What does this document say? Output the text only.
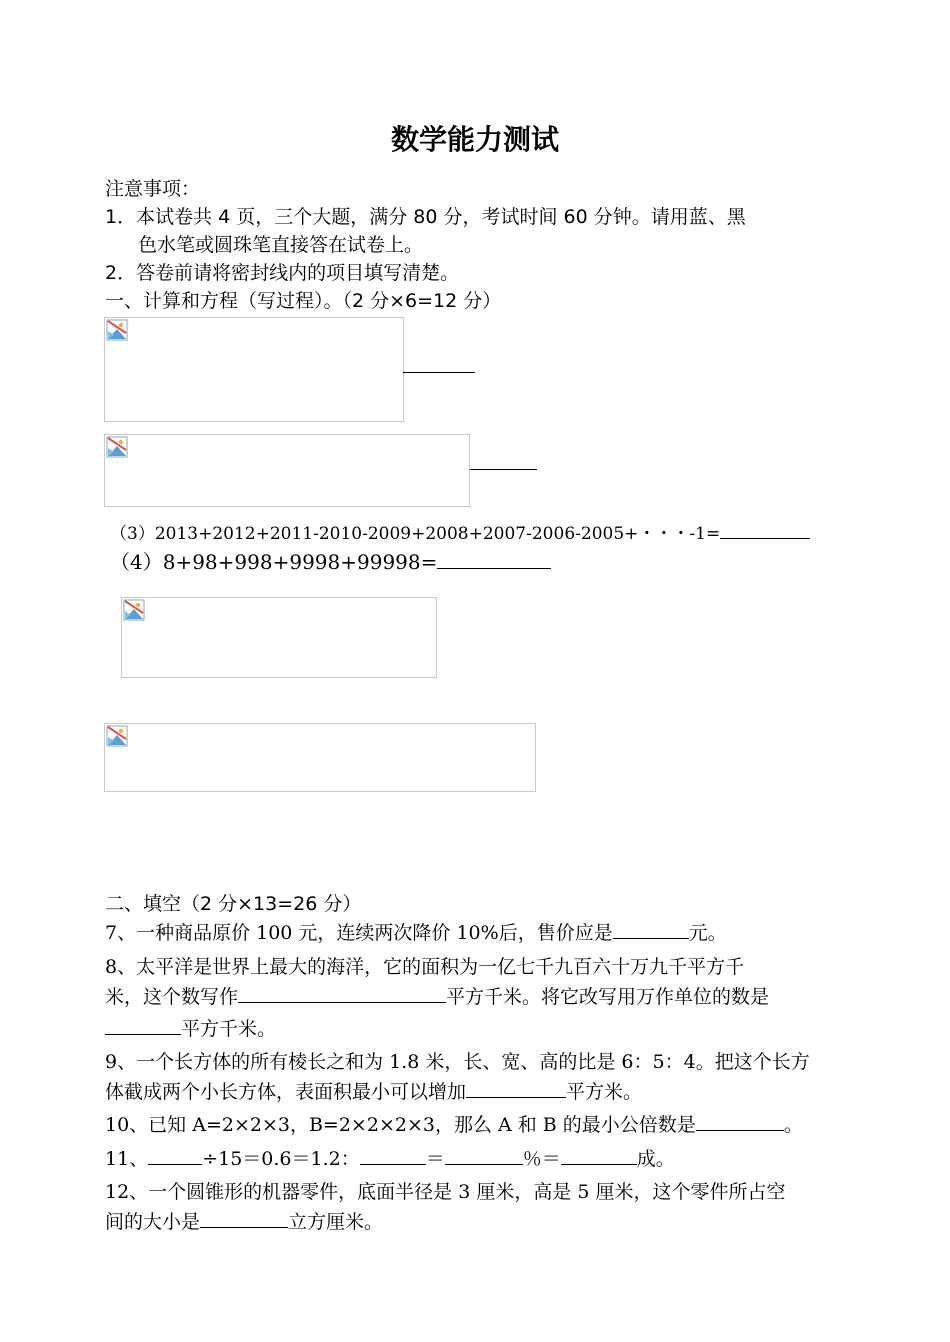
数学能力测试
注意事项：
1．本试卷共 4 页，三个大题，满分 80 分，考试时间 60 分钟。请用蓝、黑
色水笔或圆珠笔直接答在试卷上。
2．答卷前请将密封线内的项目填写清楚。
一、计算和方程（写过程）。（2 分×6=12 分）
（3）2013+2012+2011-2010-2009+2008+2007-2006-2005+・・・-1=
（4）8+98+998+9998+99998=
二、填空（2 分×13=26 分）
7、一种商品原价 100 元，连续两次降价 10%后，售价应是	元。
8、太平洋是世界上最大的海洋，它的面积为一亿七千九百六十万九千平方千
米，这个数写作	平方千米。将它改写用万作单位的数是
平方千米。
9、一个长方体的所有棱长之和为 1.8 米，长、宽、高的比是 6：5：4。把这个长方
体截成两个小长方体，表面积最小可以增加	平方米。
10、已知 A=2×2×3，B=2×2×2×3，那么 A 和 B 的最小公倍数是	。
11、	÷15＝0.6＝1.2：	＝	％＝	成。
12、一个圆锥形的机器零件，底面半径是 3 厘米，高是 5 厘米，这个零件所占空
间的大小是	立方厘米。
